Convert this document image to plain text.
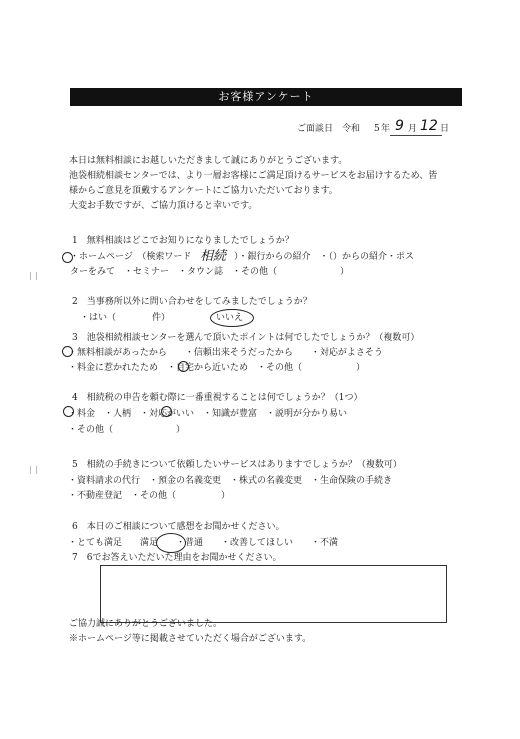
お客様アンケート
ご面談日　令和 5 年 9 月 12 日
本日は無料相談にお越しいただきまして誠にありがとうございます。
池袋相続相談センターでは、より一層お客様にご満足頂けるサービスをお届けするため、皆
様からご意見を頂戴するアンケートにご協力いただいております。
大変お手数ですが、ご協力頂けると幸いです。
1　無料相談はどこでお知りになりましたでしょうか？
・ホームページ　（検索ワード 相続 ）・銀行からの紹介　・（）からの紹介・ポス
ターをみて　・セミナー　・タウン誌　・その他（　　　　　　　）
2　当事務所以外に問い合わせをしてみましたでしょうか？
・はい（　　　　件）	いいえ
3　池袋相続相談センターを選んで頂いたポイントは何でしたでしょうか？（複数可）
・無料相談があったから　　・信頼出来そうだったから　　・対応がよさそう
・料金に惹かれたため　・自宅から近いため　・その他（　　　　　　）
4　相続税の申告を頼む際に一番重視することは何でしょうか？（1つ）
・料金　・人柄　・対応がいい　・知識が豊富　・説明が分かり易い
・その他（　　　　　　　）
5　相続の手続きについて依頼したいサービスはありますでしょうか？（複数可）
・資料請求の代行　・預金の名義変更　・株式の名義変更　・生命保険の手続き
・不動産登記　・その他（　　　　　）
6　本日のご相談について感想をお聞かせください。
・とても満足　　満足　　・普通　　・改善してほしい　　・不満
7　6でお答えいただいた理由をお聞かせください。
ご協力誠にありがとうございました。
※ホームページ等に掲載させていただく場合がございます。
